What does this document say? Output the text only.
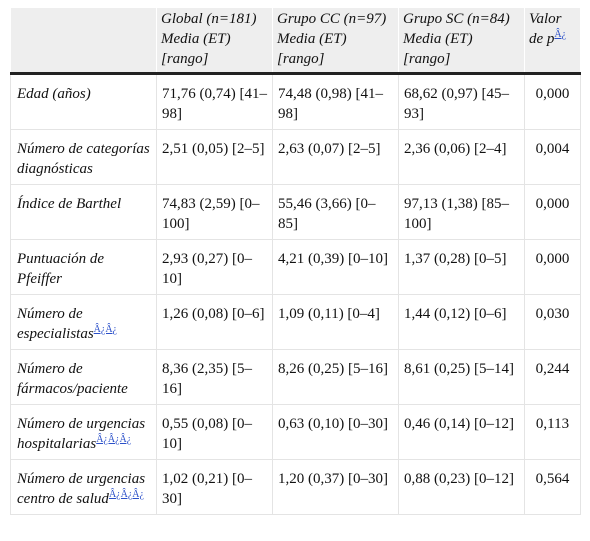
	Global (n=181)
Media (ET)
[rango]	Grupo CC (n=97)
Media (ET)
[rango]	Grupo SC (n=84)
Media (ET)
[rango]	Valor
de p$^{Â¿}$

Edad (años)	71,76 (0,74) [41–98]	74,48 (0,98) [41–98]	68,62 (0,97) [45–93]	0,000
Número de categorías diagnósticas	2,51 (0,05) [2–5]	2,63 (0,07) [2–5]	2,36 (0,06) [2–4]	0,004
Índice de Barthel	74,83 (2,59) [0–100]	55,46 (3,66) [0–85]	97,13 (1,38) [85–100]	0,000
Puntuación de Pfeiffer	2,93 (0,27) [0–10]	4,21 (0,39) [0–10]	1,37 (0,28) [0–5]	0,000
Número de especialistas$^{Â¿Â¿}$	1,26 (0,08) [0–6]	1,09 (0,11) [0–4]	1,44 (0,12) [0–6]	0,030
Número de fármacos/paciente	8,36 (2,35) [5–16]	8,26 (0,25) [5–16]	8,61 (0,25) [5–14]	0,244
Número de urgencias hospitalarias$^{Â¿Â¿Â¿}$	0,55 (0,08) [0–10]	0,63 (0,10) [0–30]	0,46 (0,14) [0–12]	0,113
Número de urgencias centro de salud$^{Â¿Â¿Â¿}$	1,02 (0,21) [0–30]	1,20 (0,37) [0–30]	0,88 (0,23) [0–12]	0,564
